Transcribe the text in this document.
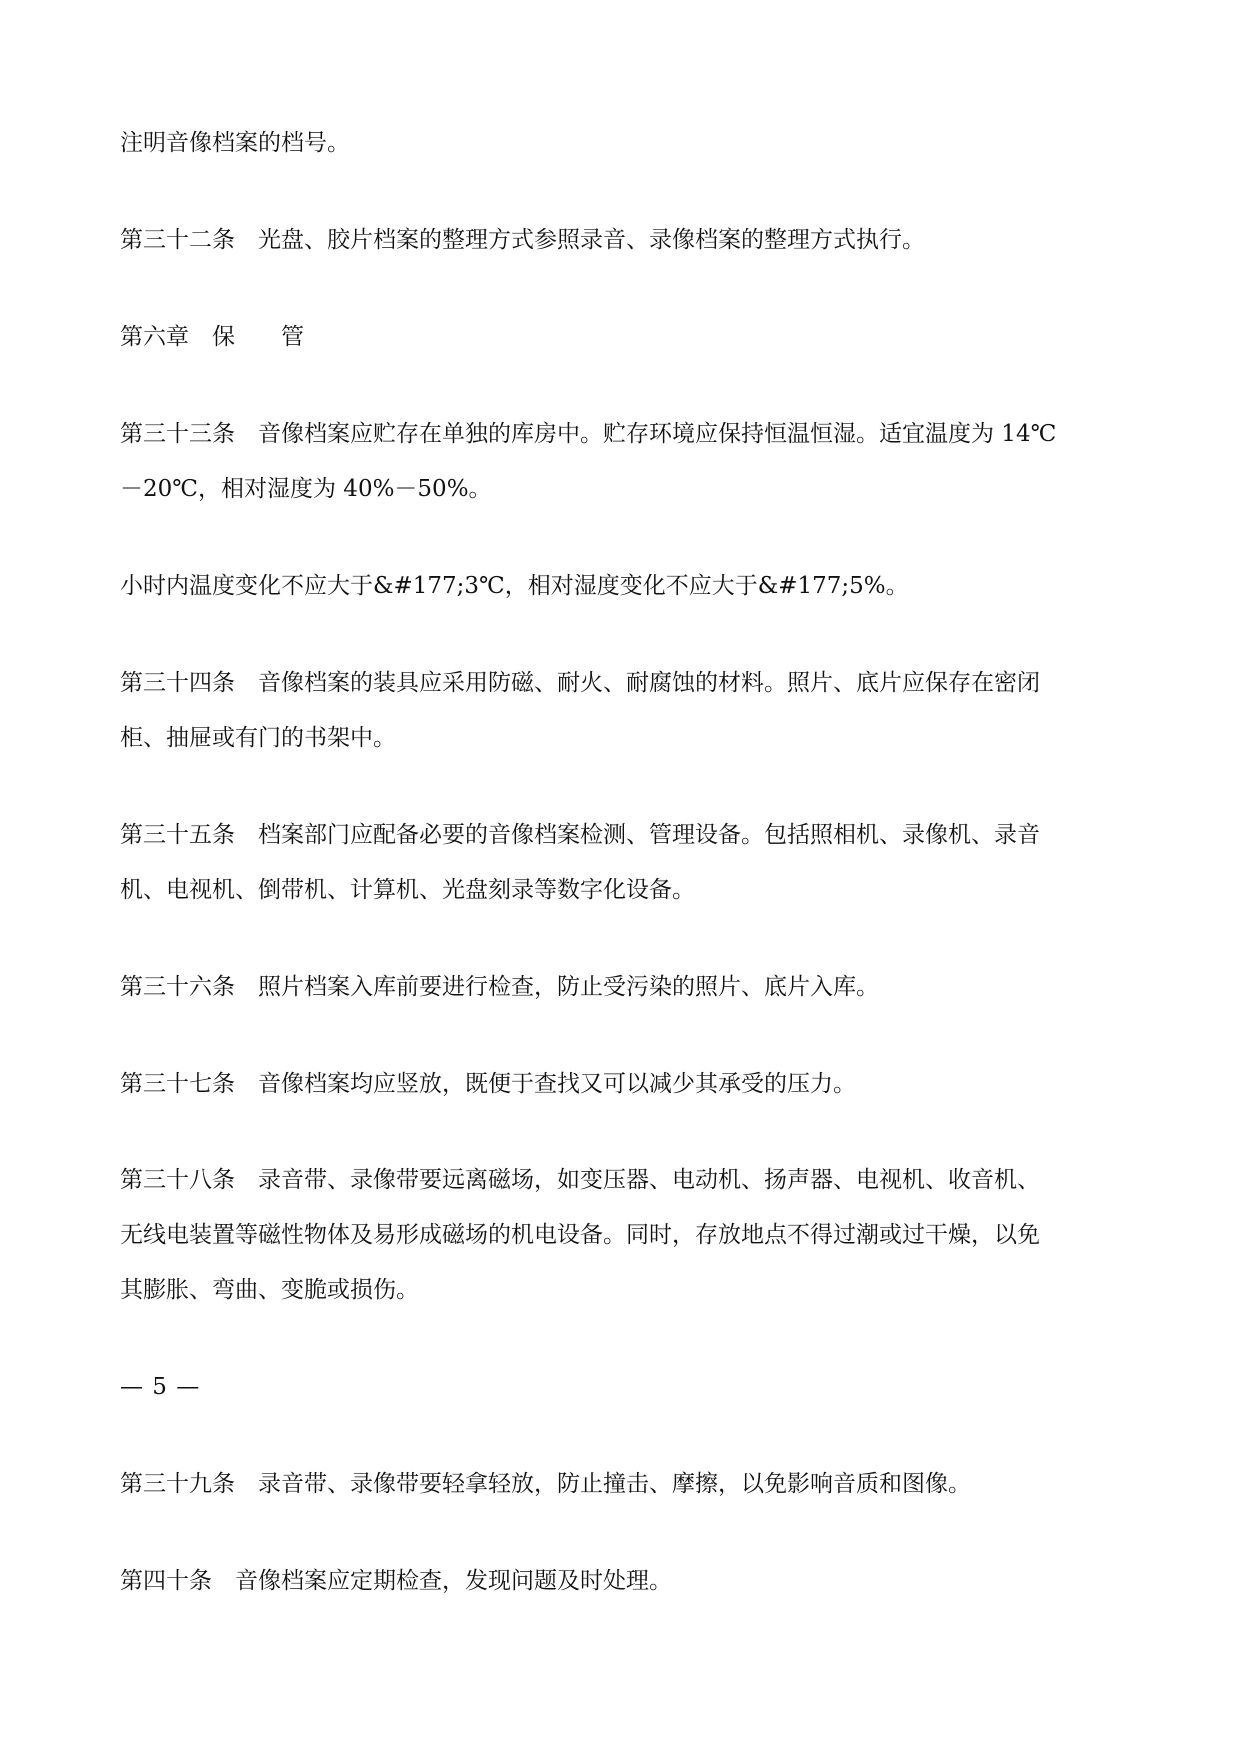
注明音像档案的档号。
第三十二条　光盘、胶片档案的整理方式参照录音、录像档案的整理方式执行。
第六章　保　　管
第三十三条　音像档案应贮存在单独的库房中。贮存环境应保持恒温恒湿。适宜温度为 14℃
－20℃，相对湿度为 40%－50%。
小时内温度变化不应大于&#177;3℃，相对湿度变化不应大于&#177;5%。
第三十四条　音像档案的装具应采用防磁、耐火、耐腐蚀的材料。照片、底片应保存在密闭
柜、抽屉或有门的书架中。
第三十五条　档案部门应配备必要的音像档案检测、管理设备。包括照相机、录像机、录音
机、电视机、倒带机、计算机、光盘刻录等数字化设备。
第三十六条　照片档案入库前要进行检查，防止受污染的照片、底片入库。
第三十七条　音像档案均应竖放，既便于查找又可以减少其承受的压力。
第三十八条　录音带、录像带要远离磁场，如变压器、电动机、扬声器、电视机、收音机、
无线电装置等磁性物体及易形成磁场的机电设备。同时，存放地点不得过潮或过干燥，以免
其膨胀、弯曲、变脆或损伤。
— 5 —
第三十九条　录音带、录像带要轻拿轻放，防止撞击、摩擦，以免影响音质和图像。
第四十条　音像档案应定期检查，发现问题及时处理。
